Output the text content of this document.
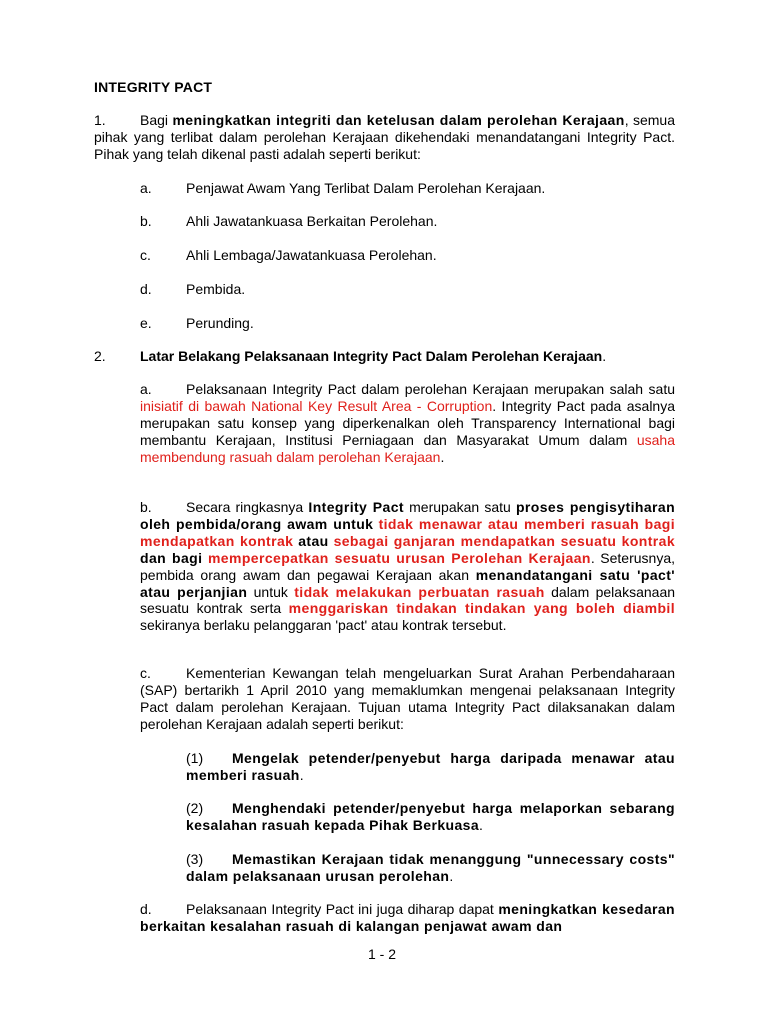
INTEGRITY PACT
1. Bagi meningkatkan integriti dan ketelusan dalam perolehan Kerajaan, semua pihak yang terlibat dalam perolehan Kerajaan dikehendaki menandatangani Integrity Pact. Pihak yang telah dikenal pasti adalah seperti berikut:
a. Penjawat Awam Yang Terlibat Dalam Perolehan Kerajaan.
b. Ahli Jawatankuasa Berkaitan Perolehan.
c.	Ahli Lembaga/Jawatankuasa Perolehan.
d. Pembida.
e. Perunding.
2. Latar Belakang Pelaksanaan Integrity Pact Dalam Perolehan Kerajaan.
a. Pelaksanaan Integrity Pact dalam perolehan Kerajaan merupakan salah satu inisiatif di bawah National Key Result Area - Corruption. Integrity Pact pada asalnya merupakan satu konsep yang diperkenalkan oleh Transparency International bagi membantu Kerajaan, Institusi Perniagaan dan Masyarakat Umum dalam usaha membendung rasuah dalam perolehan Kerajaan.
b. Secara ringkasnya Integrity Pact merupakan satu proses pengisytiharan oleh pembida/orang awam untuk tidak menawar atau memberi rasuah bagi mendapatkan kontrak atau sebagai ganjaran mendapatkan sesuatu kontrak dan bagi mempercepatkan sesuatu urusan Perolehan Kerajaan. Seterusnya, pembida orang awam dan pegawai Kerajaan akan menandatangani satu 'pact' atau perjanjian untuk tidak melakukan perbuatan rasuah dalam pelaksanaan sesuatu kontrak serta menggariskan tindakan tindakan yang boleh diambil sekiranya berlaku pelanggaran 'pact' atau kontrak tersebut.
c.	Kementerian Kewangan telah mengeluarkan Surat Arahan Perbendaharaan (SAP) bertarikh 1 April 2010 yang memaklumkan mengenai pelaksanaan Integrity Pact dalam perolehan Kerajaan. Tujuan utama Integrity Pact dilaksanakan dalam perolehan Kerajaan adalah seperti berikut:
(1) Mengelak petender/penyebut harga daripada menawar atau memberi rasuah.
(2) Menghendaki petender/penyebut harga melaporkan sebarang kesalahan rasuah kepada Pihak Berkuasa.
(3) Memastikan Kerajaan tidak menanggung "unnecessary costs" dalam pelaksanaan urusan perolehan.
d. Pelaksanaan Integrity Pact ini juga diharap dapat meningkatkan kesedaran berkaitan kesalahan rasuah di kalangan penjawat awam dan
1 - 2
